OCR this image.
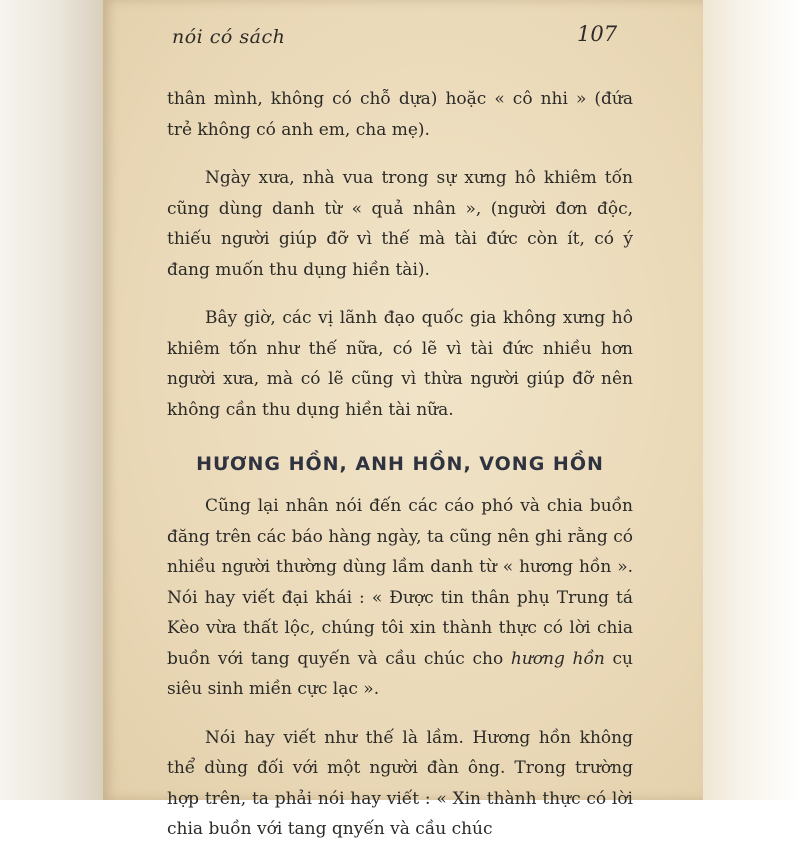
nói có sách	107

thân mình, không có chỗ dựa) hoặc « cô nhi » (đứa trẻ không có anh em, cha mẹ).

Ngày xưa, nhà vua trong sự xưng hô khiêm tốn cũng dùng danh từ « quả nhân », (người đơn độc, thiếu người giúp đỡ vì thế mà tài đức còn ít, có ý đang muốn thu dụng hiền tài).

Bây giờ, các vị lãnh đạo quốc gia không xưng hô khiêm tốn như thế nữa, có lẽ vì tài đức nhiều hơn người xưa, mà có lẽ cũng vì thừa người giúp đỡ nên không cần thu dụng hiền tài nữa.

HƯƠNG HỒN, ANH HỒN, VONG HỒN

Cũng lại nhân nói đến các cáo phó và chia buồn đăng trên các báo hàng ngày, ta cũng nên ghi rằng có nhiều người thường dùng lầm danh từ « hương hồn ». Nói hay viết đại khái : « Được tin thân phụ Trung tá Kèo vừa thất lộc, chúng tôi xin thành thực có lời chia buồn với tang quyến và cầu chúc cho hương hồn cụ siêu sinh miền cực lạc ».

Nói hay viết như thế là lầm. Hương hồn không thể dùng đối với một người đàn ông. Trong trường hợp trên, ta phải nói hay viết : « Xin thành thực có lời chia buồn với tang qnyến và cầu chúc
